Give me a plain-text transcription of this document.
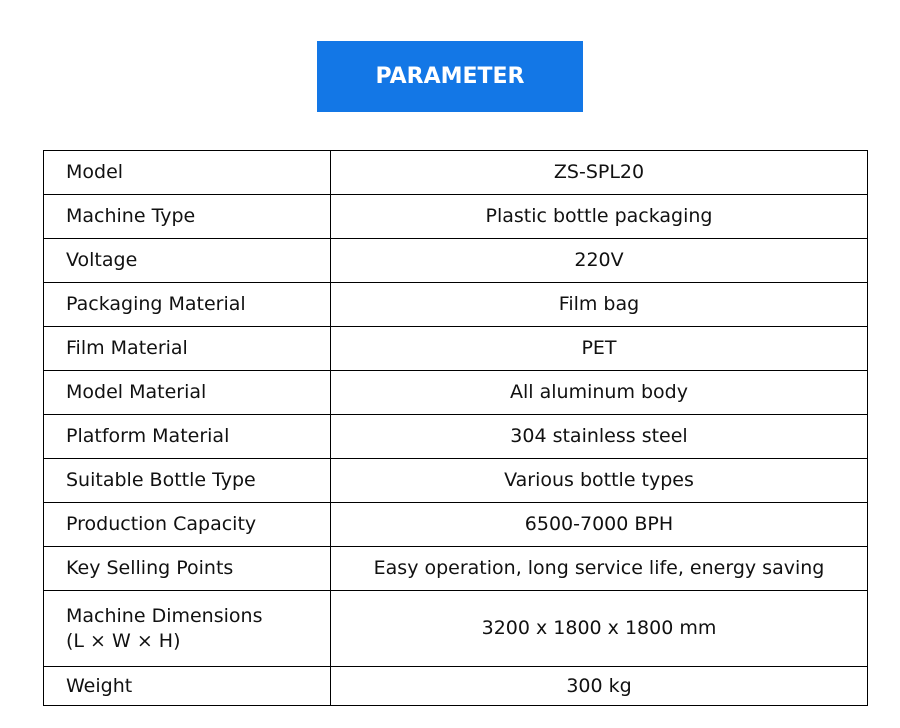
PARAMETER
Model	ZS-SPL20
Machine Type	Plastic bottle packaging
Voltage	220V
Packaging Material	Film bag
Film Material	PET
Model Material	All aluminum body
Platform Material	304 stainless steel
Suitable Bottle Type	Various bottle types
Production Capacity	6500-7000 BPH
Key Selling Points	Easy operation, long service life, energy saving

Machine Dimensions
(L × W × H)	3200 x 1800 x 1800 mm
Weight	300 kg
